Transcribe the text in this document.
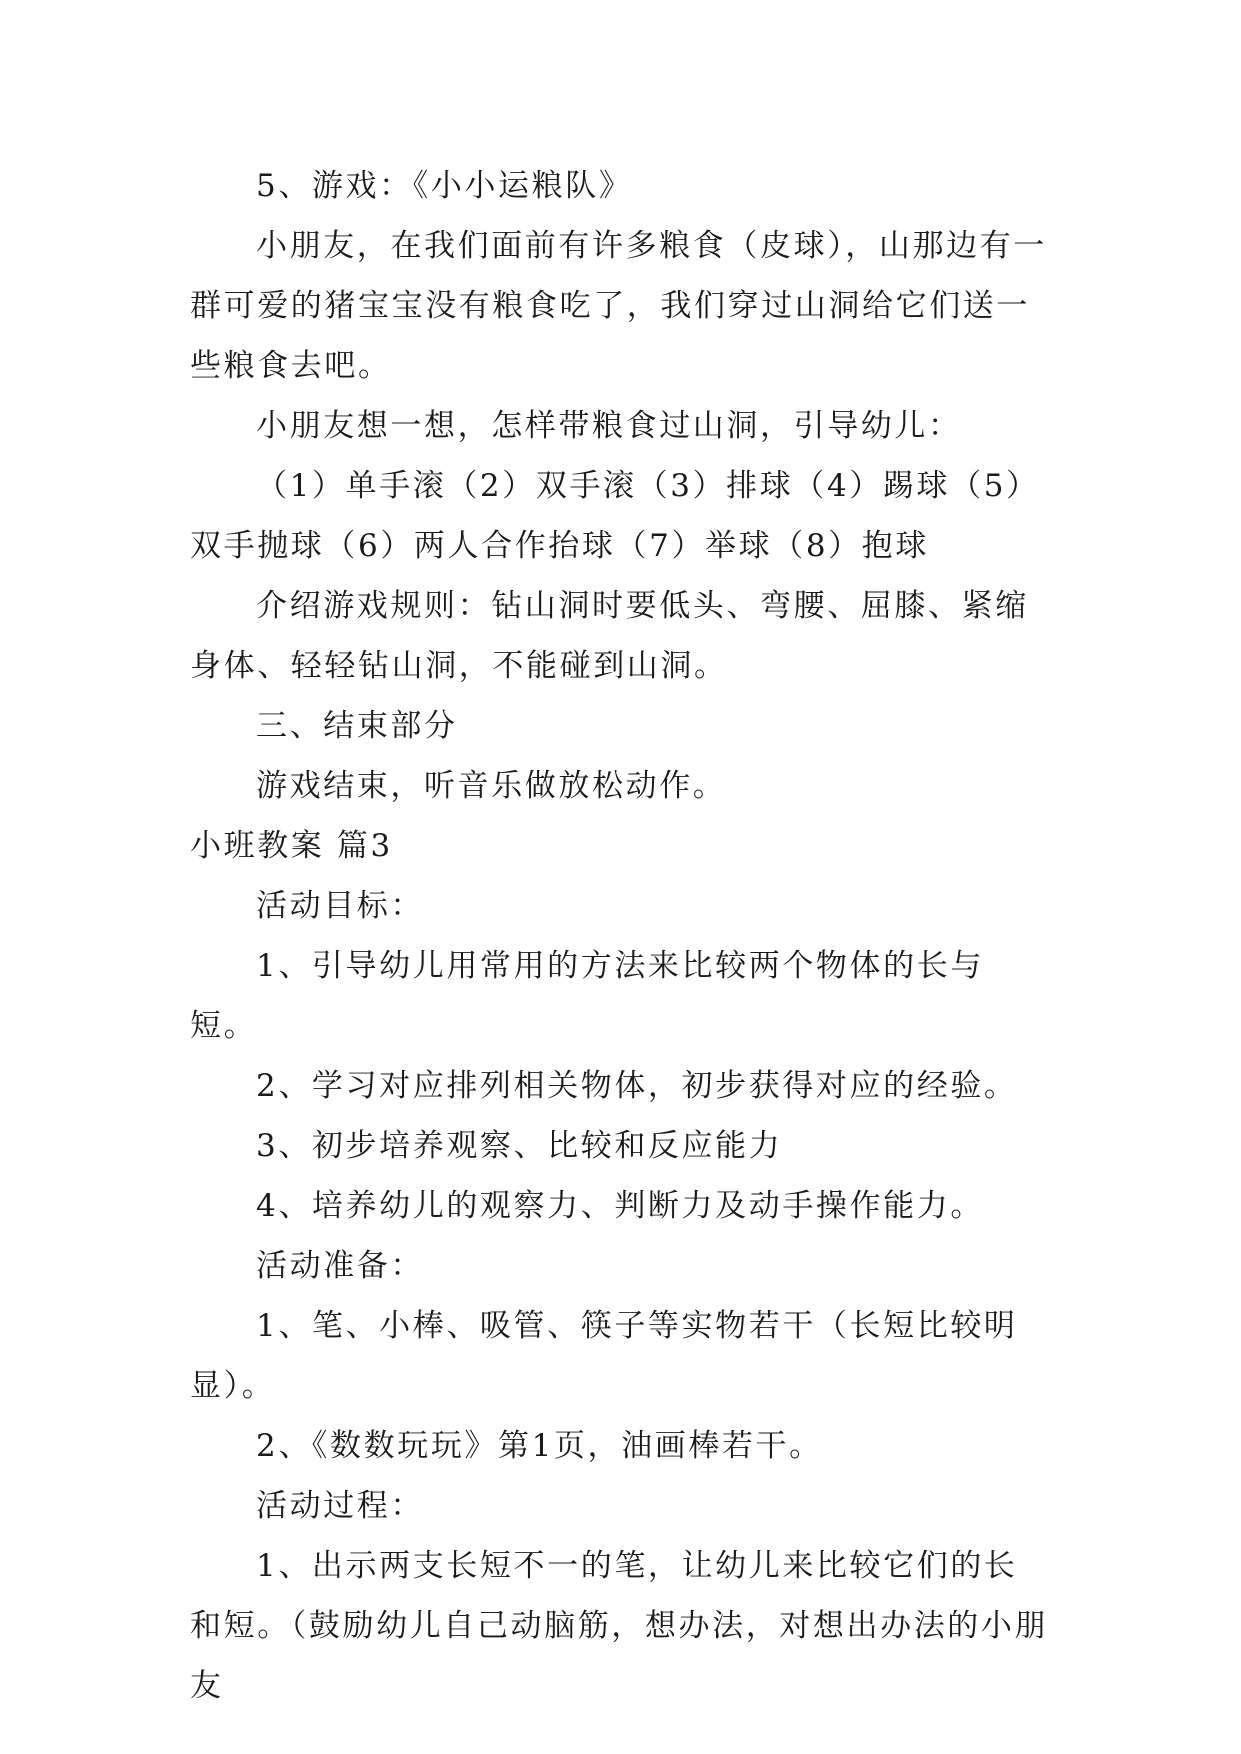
5、游戏：《小小运粮队》

小朋友，在我们面前有许多粮食（皮球），山那边有一群可爱的猪宝宝没有粮食吃了，我们穿过山洞给它们送一些粮食去吧。

小朋友想一想，怎样带粮食过山洞，引导幼儿：

（1）单手滚（2）双手滚（3）排球（4）踢球（5）双手抛球（6）两人合作抬球（7）举球（8）抱球

介绍游戏规则：钻山洞时要低头、弯腰、屈膝、紧缩身体、轻轻钻山洞，不能碰到山洞。

三、结束部分

游戏结束，听音乐做放松动作。

小班教案 篇3

活动目标：

1、引导幼儿用常用的方法来比较两个物体的长与短。

2、学习对应排列相关物体，初步获得对应的经验。

3、初步培养观察、比较和反应能力

4、培养幼儿的观察力、判断力及动手操作能力。

活动准备：

1、笔、小棒、吸管、筷子等实物若干（长短比较明显）。

2、《数数玩玩》第1页，油画棒若干。

活动过程：

1、出示两支长短不一的笔，让幼儿来比较它们的长和短。（鼓励幼儿自己动脑筋，想办法，对想出办法的小朋友
